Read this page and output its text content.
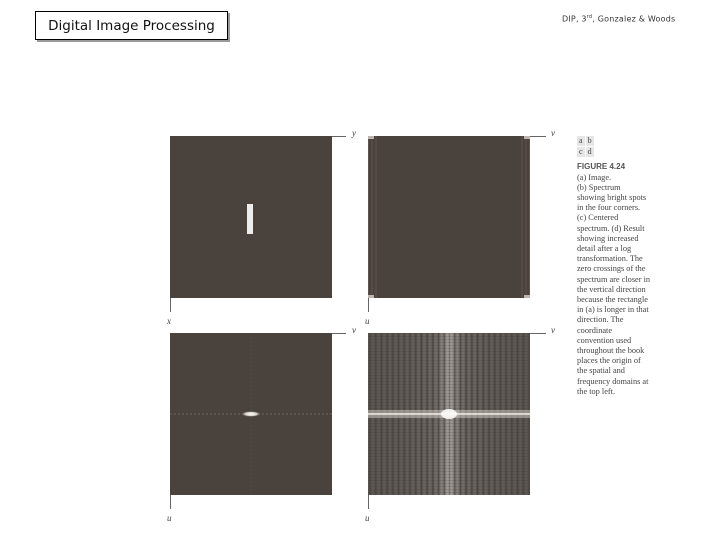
Digital Image Processing	DIP, 3rd, Gonzalez & Woods
y
x
v
u
v
u
v
u
a b
c d
FIGURE 4.24
(a) Image.
(b) Spectrum
showing bright spots
in the four corners.
(c) Centered
spectrum. (d) Result
showing increased
detail after a log
transformation. The
zero crossings of the
spectrum are closer in
the vertical direction
because the rectangle
in (a) is longer in that
direction. The
coordinate
convention used
throughout the book
places the origin of
the spatial and
frequency domains at
the top left.
